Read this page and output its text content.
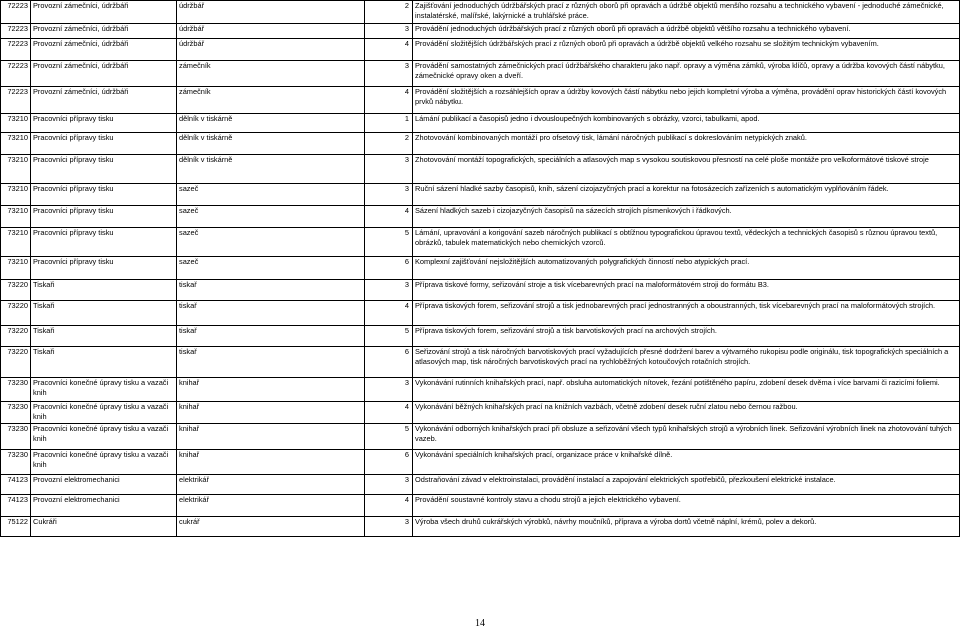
72223	Provozní zámečníci, údržbáři	údržbář	2	Zajišťování jednoduchých údržbářských prací z různých oborů při opravách a údržbě objektů menšího rozsahu a technického vybavení - jednoduché zámečnické, instalatérské, malířské, lakýrnické a truhlářské práce.
72223	Provozní zámečníci, údržbáři	údržbář	3	Provádění jednoduchých údržbářských prací z různých oborů při opravách a údržbě objektů většího rozsahu a technického vybavení.
72223	Provozní zámečníci, údržbáři	údržbář	4	Provádění složitějších údržbářských prací z různých oborů při opravách a údržbě objektů velkého rozsahu se složitým technickým vybavením.
72223	Provozní zámečníci, údržbáři	zámečník	3	Provádění samostatných zámečnických prací údržbářského charakteru jako např. opravy a výměna zámků, výroba klíčů, opravy a údržba kovových částí nábytku, zámečnické opravy oken a dveří.
72223	Provozní zámečníci, údržbáři	zámečník	4	Provádění složitějších a rozsáhlejších oprav a údržby kovových částí nábytku nebo jejich kompletní výroba a výměna, provádění oprav historických částí kovových prvků nábytku.
73210	Pracovníci přípravy tisku	dělník v tiskárně	1	Lámání publikací a časopisů jedno i dvousloupečných kombinovaných s obrázky, vzorci, tabulkami, apod.
73210	Pracovníci přípravy tisku	dělník v tiskárně	2	Zhotovování kombinovaných montáží pro ofsetový tisk, lámání náročných publikací s dokreslováním netypických znaků.
73210	Pracovníci přípravy tisku	dělník v tiskárně	3	Zhotovování montáží topografických, speciálních a atlasových map s vysokou soutiskovou přesností na celé ploše montáže pro velkoformátové tiskové stroje
73210	Pracovníci přípravy tisku	sazeč	3	Ruční sázení hladké sazby časopisů, knih, sázení cizojazyčných prací a korektur na fotosázecích zařízeních s automatickým vyplňováním řádek.
73210	Pracovníci přípravy tisku	sazeč	4	Sázení hladkých sazeb i cizojazyčných časopisů na sázecích strojích písmenkových i řádkových.
73210	Pracovníci přípravy tisku	sazeč	5	Lámání, upravování a korigování sazeb náročných publikací s obtížnou typografickou úpravou textů, vědeckých a technických časopisů s různou úpravou textů, obrázků, tabulek matematických nebo chemických vzorců.
73210	Pracovníci přípravy tisku	sazeč	6	Komplexní zajišťování nejsložitějších automatizovaných polygrafických činností nebo atypických prací.
73220	Tiskaři	tiskař	3	Příprava tiskové formy, seřizování stroje a tisk vícebarevných prací na maloformátovém stroji do formátu B3.
73220	Tiskaři	tiskař	4	Příprava tiskových forem, seřizování strojů a tisk jednobarevných prací jednostranných a oboustranných, tisk vícebarevných prací na maloformátových strojích.
73220	Tiskaři	tiskař	5	Příprava tiskových forem, seřizování strojů a tisk barvotiskových prací na archových strojích.
73220	Tiskaři	tiskař	6	Seřizování strojů a tisk náročných barvotiskových prací vyžadujících přesné dodržení barev a výtvarného rukopisu podle originálu, tisk topografických speciálních a atlasových map, tisk náročných barvotiskových prací na rychloběžných kotoučových rotačních strojích.
73230	Pracovníci konečné úpravy tisku a vazači knih	knihař	3	Vykonávání rutinních knihařských prací, např. obsluha automatických nítovek, řezání potištěného papíru, zdobení desek dvěma i více barvami či razicími foliemi.
73230	Pracovníci konečné úpravy tisku a vazači knih	knihař	4	Vykonávání běžných knihařských prací na knižních vazbách, včetně zdobení desek ruční zlatou nebo černou ražbou.
73230	Pracovníci konečné úpravy tisku a vazači knih	knihař	5	Vykonávání odborných knihařských prací při obsluze a seřizování všech typů knihařských strojů a výrobních linek. Seřizování výrobních linek na zhotovování tuhých vazeb.
73230	Pracovníci konečné úpravy tisku a vazači knih	knihař	6	Vykonávání speciálních knihařských prací, organizace práce v knihařské dílně.
74123	Provozní elektromechanici	elektrikář	3	Odstraňování závad v elektroinstalaci, provádění instalací a zapojování elektrických spotřebičů, přezkoušení elektrické instalace.
74123	Provozní elektromechanici	elektrikář	4	Provádění soustavné kontroly stavu a chodu strojů a jejich elektrického vybavení.
75122	Cukráři	cukrář	3	Výroba všech druhů cukrářských výrobků, návrhy moučníků, příprava a výroba dortů včetně náplní, krémů, polev a dekorů.
14
